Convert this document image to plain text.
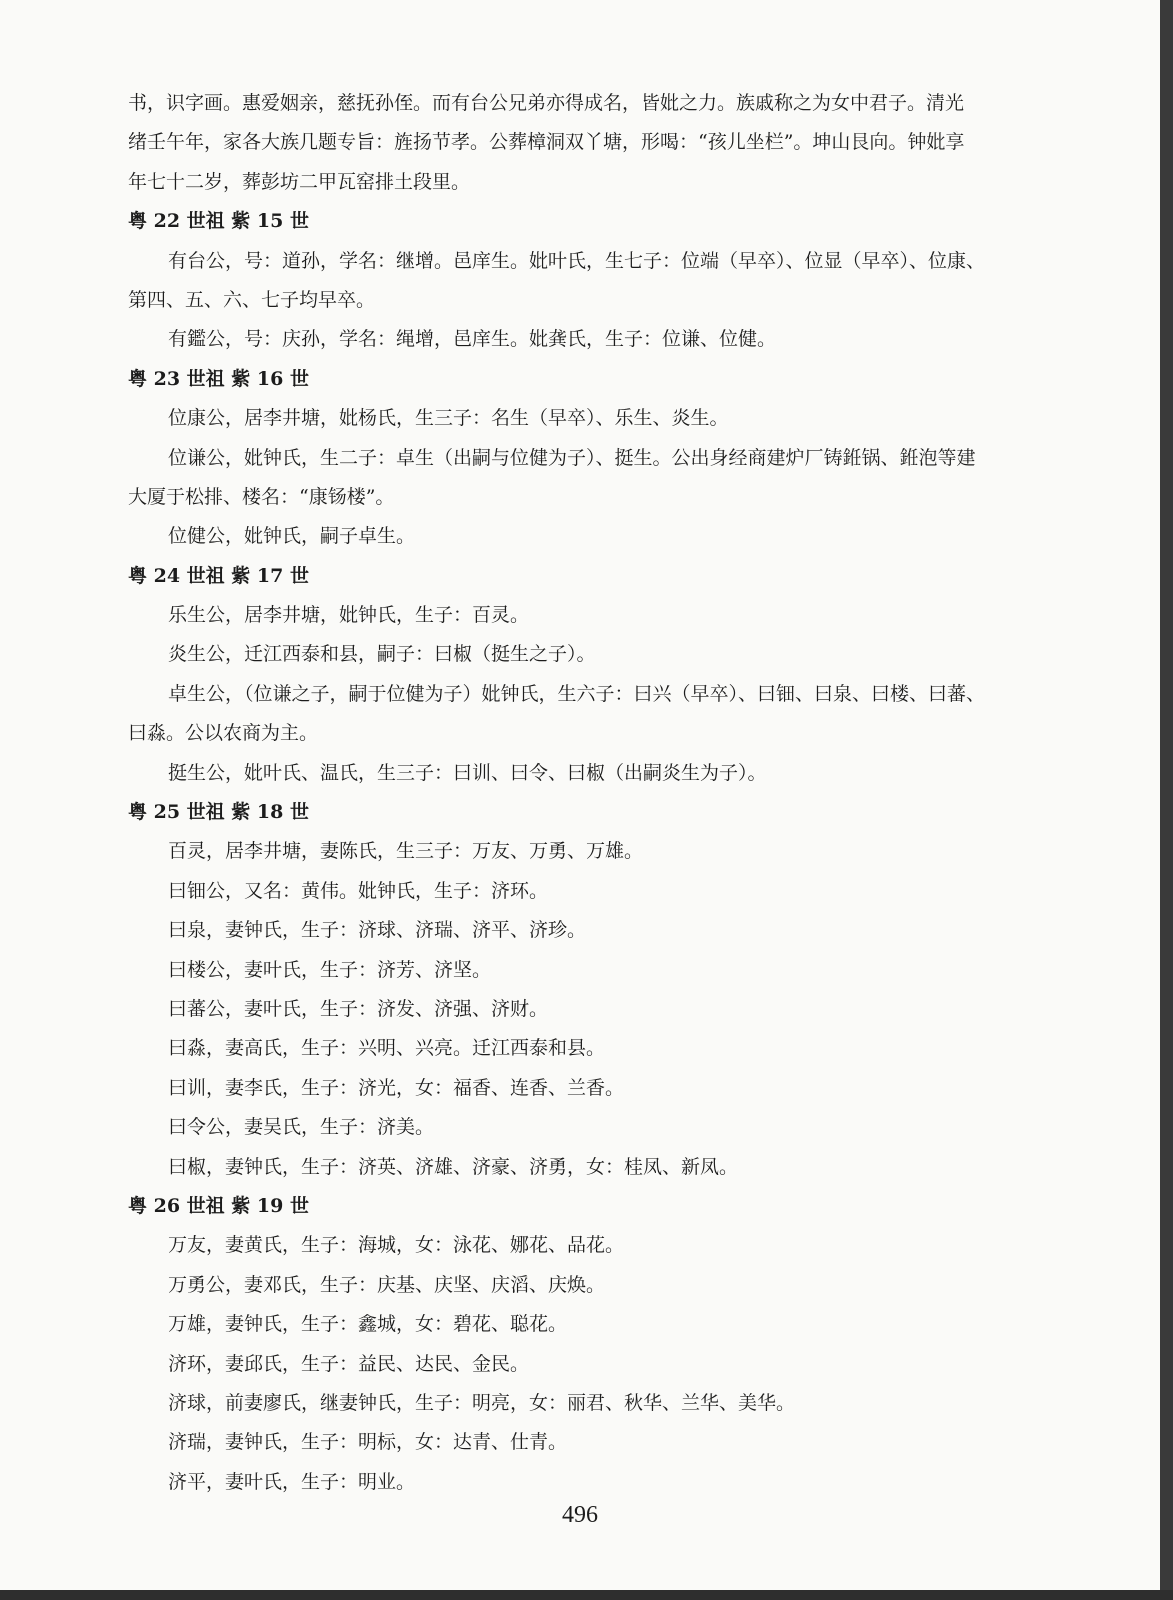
书，识字画。惠爱姻亲，慈抚孙侄。而有台公兄弟亦得成名，皆妣之力。族戚称之为女中君子。清光
绪壬午年，家各大族几题专旨：旌扬节孝。公葬樟洞双丫塘，形喝：“孩儿坐栏”。坤山艮向。钟妣享
年七十二岁，葬彭坊二甲瓦窑排土段里。
粤 22 世祖 紫 15 世
有台公，号：道孙，学名：继增。邑庠生。妣叶氏，生七子：位端（早卒）、位显（早卒）、位康、
第四、五、六、七子均早卒。
有鑑公，号：庆孙，学名：绳增，邑庠生。妣龚氏，生子：位谦、位健。
粤 23 世祖 紫 16 世
位康公，居李井塘，妣杨氏，生三子：名生（早卒）、乐生、炎生。
位谦公，妣钟氏，生二子：卓生（出嗣与位健为子）、挺生。公出身经商建炉厂铸銋锅、銋泡等建
大厦于松排、楼名：“康钖楼”。
位健公，妣钟氏，嗣子卓生。
粤 24 世祖 紫 17 世
乐生公，居李井塘，妣钟氏，生子：百灵。
炎生公，迁江西泰和县，嗣子：曰椒（挺生之子）。
卓生公，（位谦之子，嗣于位健为子）妣钟氏，生六子：曰兴（早卒）、曰钿、曰泉、曰楼、曰蕃、
曰淼。公以农商为主。
挺生公，妣叶氏、温氏，生三子：曰训、曰令、曰椒（出嗣炎生为子）。
粤 25 世祖 紫 18 世
百灵，居李井塘，妻陈氏，生三子：万友、万勇、万雄。
曰钿公，又名：黄伟。妣钟氏，生子：济环。
曰泉，妻钟氏，生子：济球、济瑞、济平、济珍。
曰楼公，妻叶氏，生子：济芳、济坚。
曰蕃公，妻叶氏，生子：济发、济强、济财。
曰淼，妻高氏，生子：兴明、兴亮。迁江西泰和县。
曰训，妻李氏，生子：济光，女：福香、连香、兰香。
曰令公，妻吴氏，生子：济美。
曰椒，妻钟氏，生子：济英、济雄、济豪、济勇，女：桂凤、新凤。
粤 26 世祖 紫 19 世
万友，妻黄氏，生子：海城，女：泳花、娜花、品花。
万勇公，妻邓氏，生子：庆基、庆坚、庆滔、庆焕。
万雄，妻钟氏，生子：鑫城，女：碧花、聪花。
济环，妻邱氏，生子：益民、达民、金民。
济球，前妻廖氏，继妻钟氏，生子：明亮，女：丽君、秋华、兰华、美华。
济瑞，妻钟氏，生子：明标，女：达青、仕青。
济平，妻叶氏，生子：明业。
496
